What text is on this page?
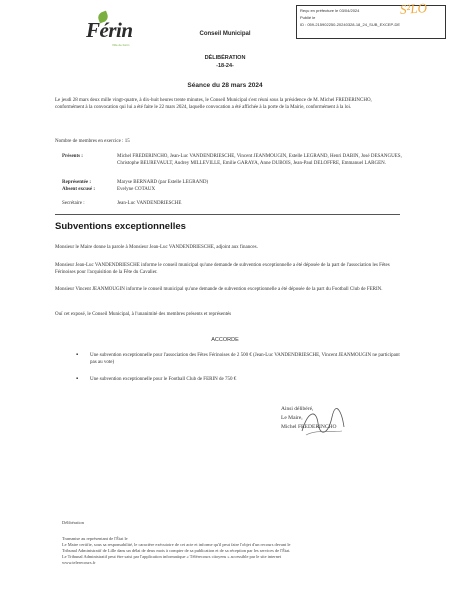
Férin
Ville de Férin
Reçu en préfecture le 03/04/2024
Publié le
ID : 059-215902250-20240328-18_24_SUB_EXCEP-DE
S²LO
Conseil Municipal
DÉLIBÉRATION
-18-24-
Séance du 28 mars 2024
Le jeudi 28 mars deux mille vingt-quatre, à dix-huit heures trente minutes, le Conseil Municipal s'est réuni sous la présidence de M. Michel FREDERINCHO, conformément à la convocation qui lui a été faite le 22 mars 2024, laquelle convocation a été affichée à la porte de la Mairie, conformément à la loi.
Nombre de membres en exercice : 15
Présents :	Michel FREDERINCHO, Jean-Luc VANDENDRIESCHE, Vincent JEANMOUGIN, Estelle LEGRAND, Henri DABIN, José DESANGUES, Christophe BEUREVAULT, Audrey MILLEVILLE, Emilie GARAYA, Anne DUBOIS, Jean-Paul DELOFFRE, Emmanuel LARGEN.
Représentée :	Maryse BERNARD (par Estelle LEGRAND)
Absent excusé :	Evelyne COTAUX
Secrétaire :	Jean-Luc VANDENDRIESCHE
Subventions exceptionnelles
Monsieur le Maire donne la parole à Monsieur Jean-Luc VANDENDRIESCHE, adjoint aux finances.
Monsieur Jean-Luc VANDENDRIESCHE informe le conseil municipal qu'une demande de subvention exceptionnelle a été déposée de la part de l'association les Fêtes Férinoises pour l'acquisition de la Fête du Cavalier.
Monsieur Vincent JEANMOUGIN informe le conseil municipal qu'une demande de subvention exceptionnelle a été déposée de la part du Football Club de FERIN.
Ouï cet exposé, le Conseil Municipal, à l'unanimité des membres présents et représentés
ACCORDE
▪ Une subvention exceptionnelle pour l'association des Fêtes Férinoises de 2 500 € (Jean-Luc VANDENDRIESCHE, Vincent JEANMOUGIN ne participant pas au vote)
▪ Une subvention exceptionnelle pour le Football Club de FERIN de 750 €
Ainsi délibéré,
Le Maire,
Michel FREDERINCHO
Délibération
Transmise au représentant de l'État le
Le Maire certifie, sous sa responsabilité, le caractère exécutoire de cet acte et informe qu'il peut faire l'objet d'un recours devant le
Tribunal Administratif de Lille dans un délai de deux mois à compter de sa publication et de sa réception par les services de l'État.
Le Tribunal Administratif peut être saisi par l'application informatique « Télérecours citoyens » accessible par le site internet
www.telerecours.fr
